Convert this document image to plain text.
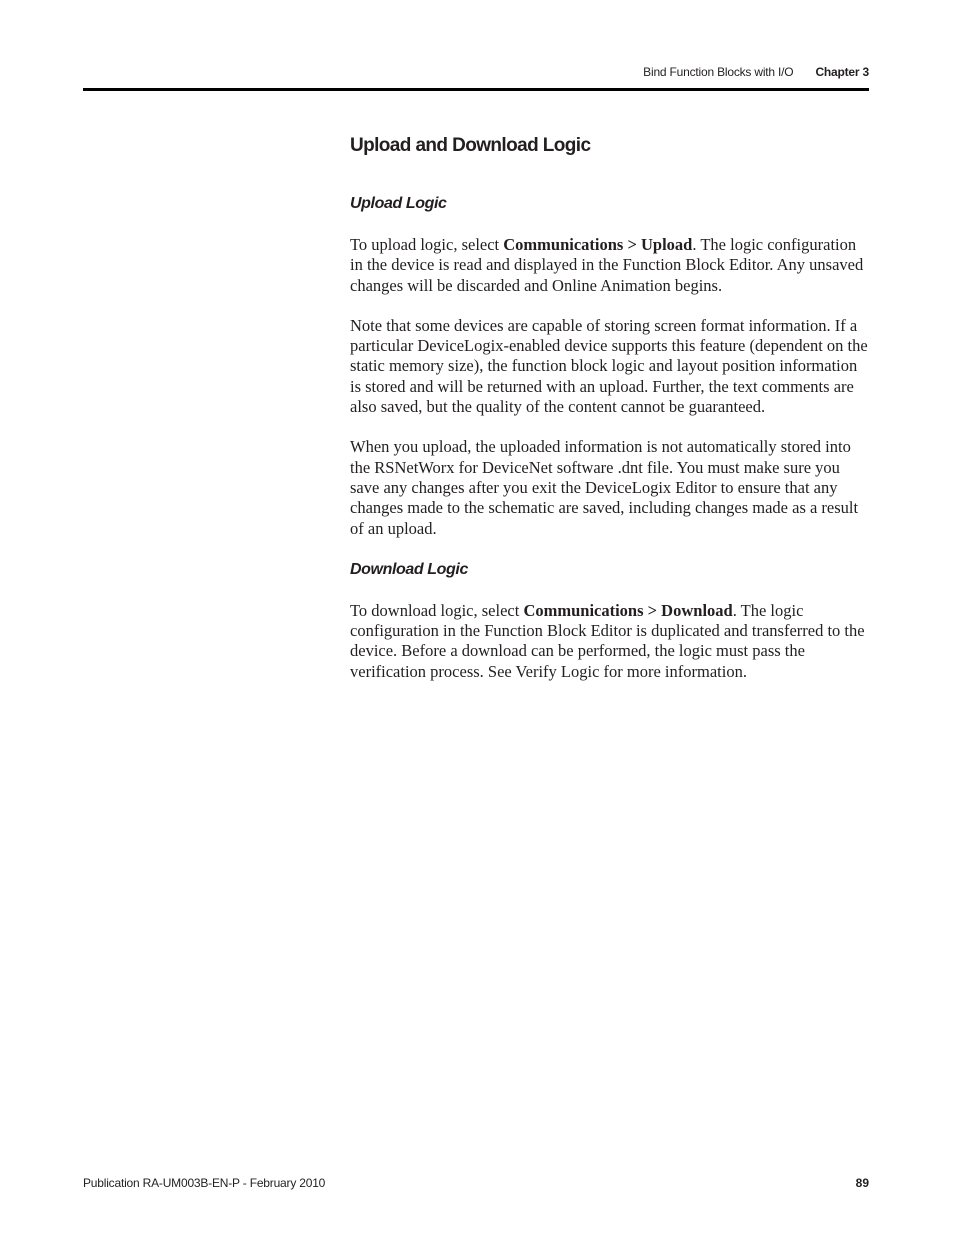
Bind Function Blocks with I/O Chapter 3
Upload and Download Logic
Upload Logic

To upload logic, select Communications > Upload. The logic configuration in the device is read and displayed in the Function Block Editor. Any unsaved changes will be discarded and Online Animation begins.

Note that some devices are capable of storing screen format information. If a particular DeviceLogix-enabled device supports this feature (dependent on the static memory size), the function block logic and layout position information is stored and will be returned with an upload. Further, the text comments are also saved, but the quality of the content cannot be guaranteed.

When you upload, the uploaded information is not automatically stored into the RSNetWorx for DeviceNet software .dnt file. You must make sure you save any changes after you exit the DeviceLogix Editor to ensure that any changes made to the schematic are saved, including changes made as a result of an upload.

Download Logic

To download logic, select Communications > Download. The logic configuration in the Function Block Editor is duplicated and transferred to the device. Before a download can be performed, the logic must pass the verification process. See Verify Logic for more information.

Publication RA-UM003B-EN-P - February 2010	89
